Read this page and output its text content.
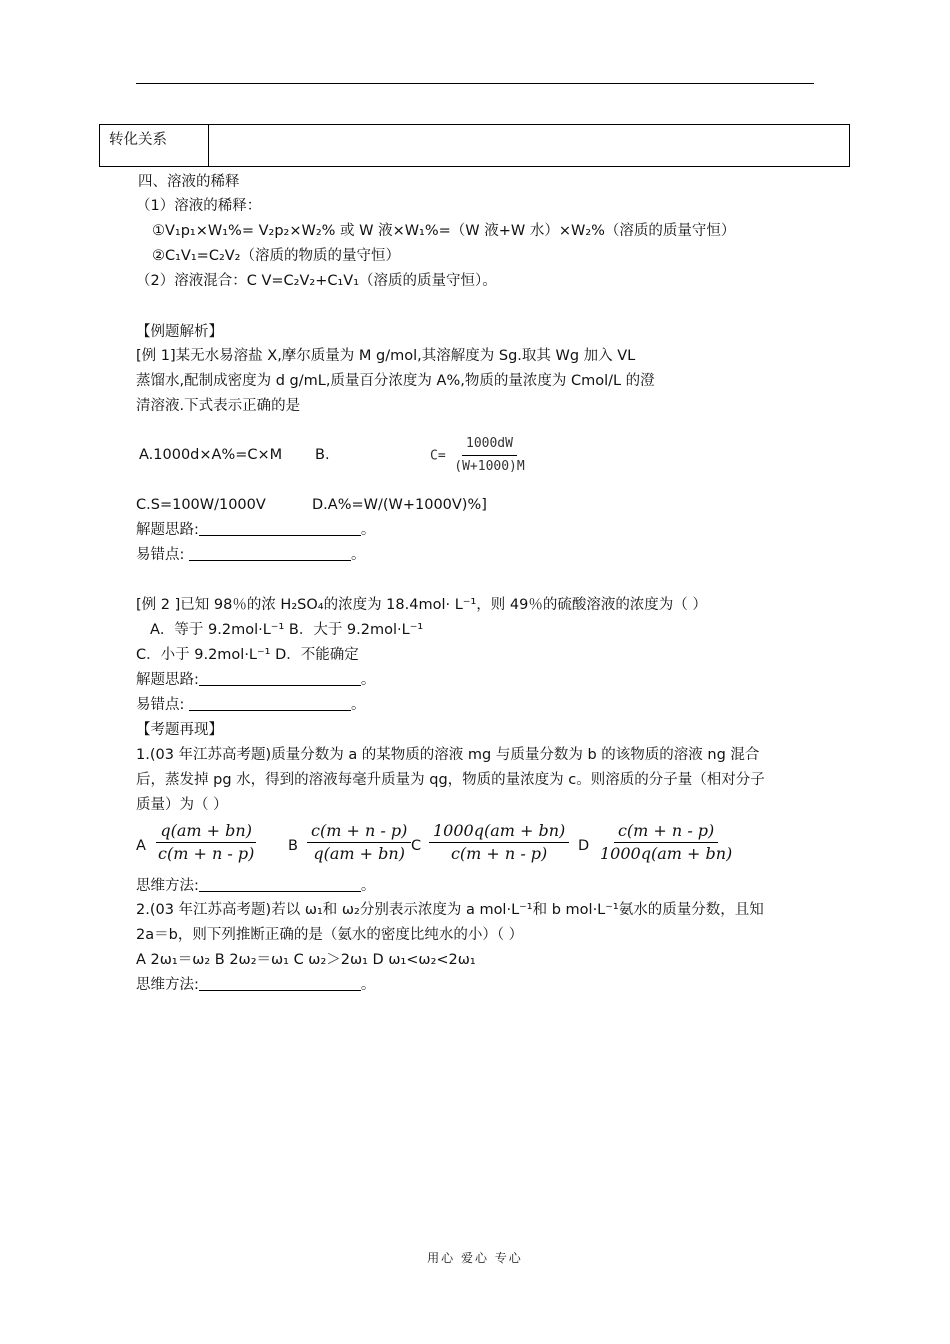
转化关系
四、溶液的稀释
（1）溶液的稀释：
①V₁p₁×W₁%= V₂p₂×W₂% 或 W 液×W₁%=（W 液+W 水）×W₂%（溶质的质量守恒）
②C₁V₁=C₂V₂（溶质的物质的量守恒）
（2）溶液混合：C V=C₂V₂+C₁V₁（溶质的质量守恒）。
【例题解析】
[例 1]某无水易溶盐 X,摩尔质量为 M g/mol,其溶解度为 Sg.取其 Wg 加入 VL
蒸馏水,配制成密度为 d g/mL,质量百分浓度为 A%,物质的量浓度为 Cmol/L 的澄
清溶液.下式表示正确的是
A.1000d×A%=C×M B.	$C= \frac{1000dW}{(W+1000)M}$
C.S=100W/1000V	D.A%=W/(W+1000V)%]
解题思路:	。
易错点:	。
[例 2 ]已知 98％的浓 H₂SO₄的浓度为 18.4mol· L⁻¹，则 49％的硫酸溶液的浓度为（ ）
A．等于 9.2mol·L⁻¹ B．大于 9.2mol·L⁻¹
C．小于 9.2mol·L⁻¹ D．不能确定
解题思路:	。
易错点:	。
【考题再现】
1.(03 年江苏高考题)质量分数为 a 的某物质的溶液 mg 与质量分数为 b 的该物质的溶液 ng 混合
后，蒸发掉 pg 水，得到的溶液每毫升质量为 qg，物质的量浓度为 c。则溶质的分子量（相对分子
质量）为（ ）
A $\frac{q(am + bn)}{c(m + n - p)}$ B $\frac{c(m + n - p)}{q(am + bn)}$ C $\frac{1000q(am + bn)}{c(m + n - p)}$ D $\frac{c(m + n - p)}{1000q(am + bn)}$
思维方法:	。
2.(03 年江苏高考题)若以 ω₁和 ω₂分别表示浓度为 a mol·L⁻¹和 b mol·L⁻¹氨水的质量分数，且知
2a＝b，则下列推断正确的是（氨水的密度比纯水的小）（ ）
A 2ω₁＝ω₂ B 2ω₂＝ω₁ C ω₂＞2ω₁ D ω₁<ω₂<2ω₁
思维方法:	。
用心 爱心 专心
